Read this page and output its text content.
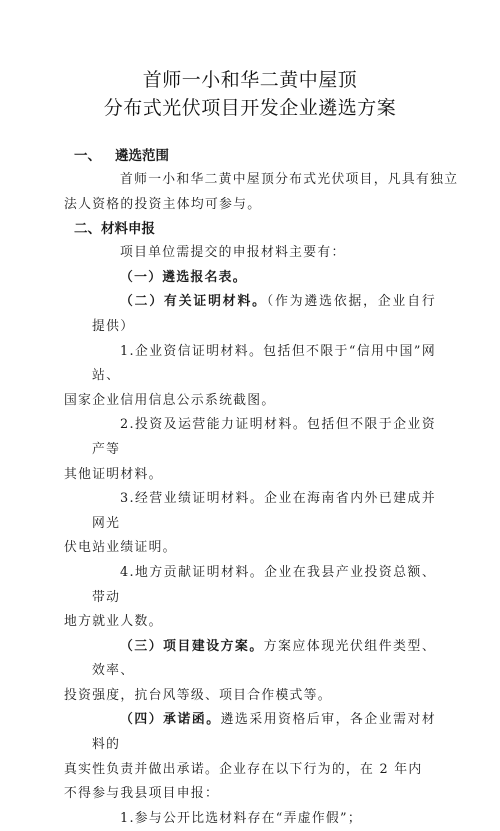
首师一小和华二黄中屋顶
分布式光伏项目开发企业遴选方案
一、 遴选范围

首师一小和华二黄中屋顶分布式光伏项目，凡具有独立

法人资格的投资主体均可参与。

二、材料申报

项目单位需提交的申报材料主要有：

（一）遴选报名表。

（二）有关证明材料。（作为遴选依据，企业自行提供）

1.企业资信证明材料。包括但不限于“信用中国”网站、

国家企业信用信息公示系统截图。

2.投资及运营能力证明材料。包括但不限于企业资产等

其他证明材料。

3.经营业绩证明材料。企业在海南省内外已建成并网光

伏电站业绩证明。

4.地方贡献证明材料。企业在我县产业投资总额、带动

地方就业人数。

（三）项目建设方案。方案应体现光伏组件类型、效率、

投资强度，抗台风等级、项目合作模式等。

（四）承诺函。遴选采用资格后审，各企业需对材料的

真实性负责并做出承诺。企业存在以下行为的，在 2 年内

不得参与我县项目申报：

1.参与公开比选材料存在“弄虚作假”；
